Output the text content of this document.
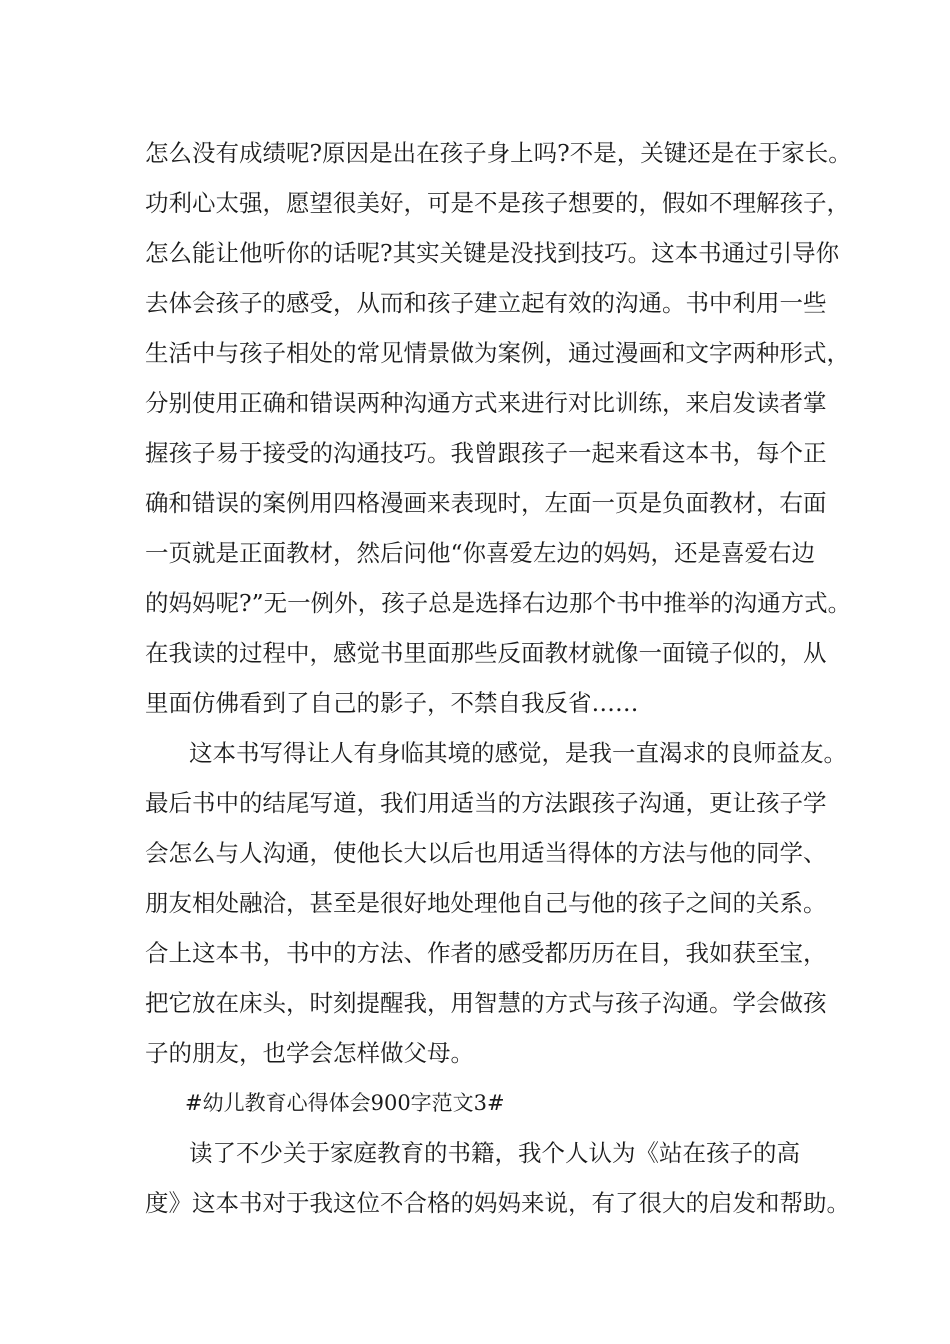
怎么没有成绩呢?原因是出在孩子身上吗?不是，关键还是在于家长。
功利心太强，愿望很美好，可是不是孩子想要的，假如不理解孩子，
怎么能让他听你的话呢?其实关键是没找到技巧。这本书通过引导你
去体会孩子的感受，从而和孩子建立起有效的沟通。书中利用一些
生活中与孩子相处的常见情景做为案例，通过漫画和文字两种形式，
分别使用正确和错误两种沟通方式来进行对比训练，来启发读者掌
握孩子易于接受的沟通技巧。我曾跟孩子一起来看这本书，每个正
确和错误的案例用四格漫画来表现时，左面一页是负面教材，右面
一页就是正面教材，然后问他“你喜爱左边的妈妈，还是喜爱右边
的妈妈呢?”无一例外，孩子总是选择右边那个书中推举的沟通方式。
在我读的过程中，感觉书里面那些反面教材就像一面镜子似的，从
里面仿佛看到了自己的影子，不禁自我反省……
这本书写得让人有身临其境的感觉，是我一直渴求的良师益友。
最后书中的结尾写道，我们用适当的方法跟孩子沟通，更让孩子学
会怎么与人沟通，使他长大以后也用适当得体的方法与他的同学、
朋友相处融洽，甚至是很好地处理他自己与他的孩子之间的关系。
合上这本书，书中的方法、作者的感受都历历在目，我如获至宝，
把它放在床头，时刻提醒我，用智慧的方式与孩子沟通。学会做孩
子的朋友，也学会怎样做父母。
#幼儿教育心得体会900字范文3#
读了不少关于家庭教育的书籍，我个人认为《站在孩子的高
度》这本书对于我这位不合格的妈妈来说，有了很大的启发和帮助。
